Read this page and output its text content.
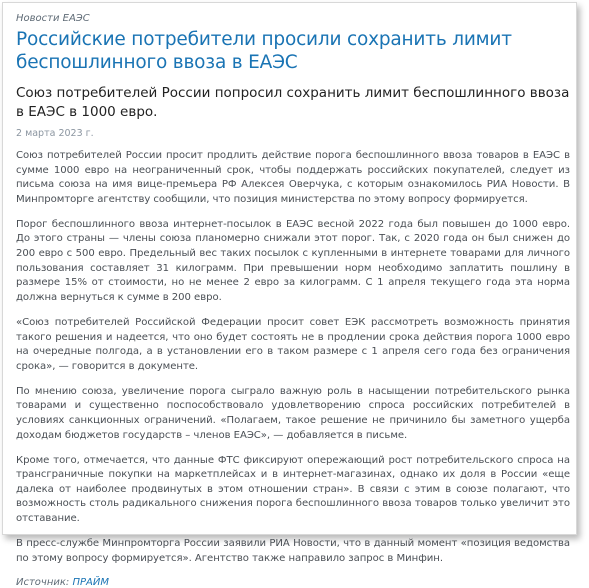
Новости ЕАЭС
Российские потребители просили сохранить лимит беспошлинного ввоза в ЕАЭС
Союз потребителей России попросил сохранить лимит беспошлинного ввоза в ЕАЭС в 1000 евро.
2 марта 2023 г.

Союз потребителей России просит продлить действие порога беспошлинного ввоза товаров в ЕАЭС в сумме 1000 евро на неограниченный срок, чтобы поддержать российских покупателей, следует из письма союза на имя вице-премьера РФ Алексея Оверчука, с которым ознакомилось РИА Новости. В Минпромторге агентству сообщили, что позиция министерства по этому вопросу формируется.

Порог беспошлинного ввоза интернет-посылок в ЕАЭС весной 2022 года был повышен до 1000 евро. До этого страны — члены союза планомерно снижали этот порог. Так, с 2020 года он был снижен до 200 евро с 500 евро. Предельный вес таких посылок с купленными в интернете товарами для личного пользования составляет 31 килограмм. При превышении норм необходимо заплатить пошлину в размере 15% от стоимости, но не менее 2 евро за килограмм. С 1 апреля текущего года эта норма должна вернуться к сумме в 200 евро.

«Союз потребителей Российской Федерации просит совет ЕЭК рассмотреть возможность принятия такого решения и надеется, что оно будет состоять не в продлении срока действия порога 1000 евро на очередные полгода, а в установлении его в таком размере с 1 апреля сего года без ограничения срока», — говорится в документе.

По мнению союза, увеличение порога сыграло важную роль в насыщении потребительского рынка товарами и существенно поспособствовало удовлетворению спроса российских потребителей в условиях санкционных ограничений. «Полагаем, такое решение не причинило бы заметного ущерба доходам бюджетов государств – членов ЕАЭС», — добавляется в письме.

Кроме того, отмечается, что данные ФТС фиксируют опережающий рост потребительского спроса на трансграничные покупки на маркетплейсах и в интернет-магазинах, однако их доля в России «еще далека от наиболее продвинутых в этом отношении стран». В связи с этим в союзе полагают, что возможность столь радикального снижения порога беспошлинного ввоза товаров только увеличит это отставание.

В пресс-службе Минпромторга России заявили РИА Новости, что в данный момент «позиция ведомства по этому вопросу формируется». Агентство также направило запрос в Минфин.

Источник: ПРАЙМ
